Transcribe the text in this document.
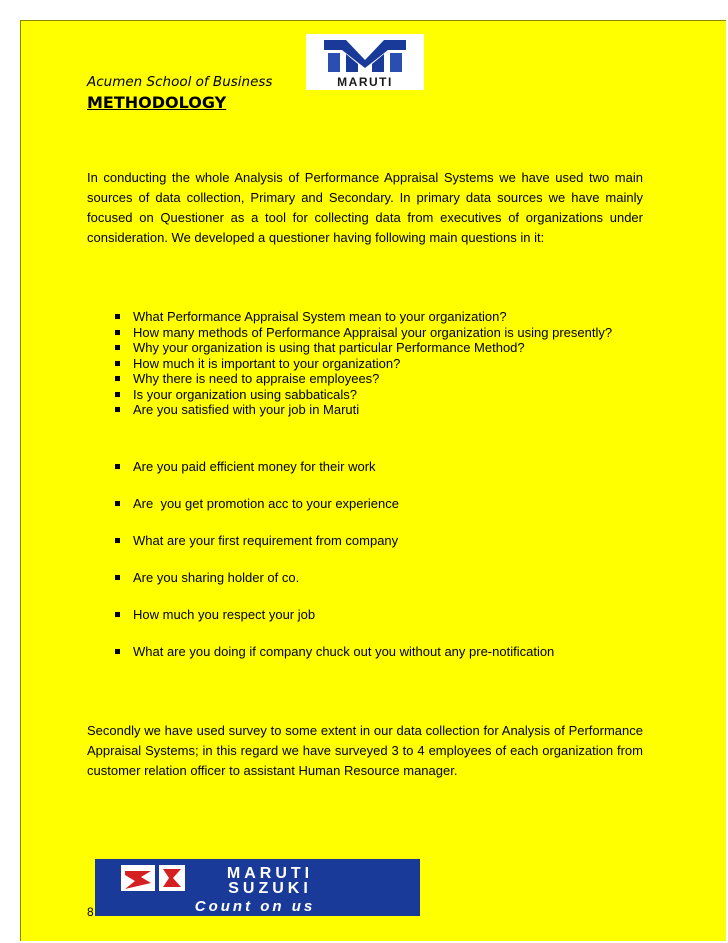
MARUTI
Acumen School of Business
METHODOLOGY

In conducting the whole Analysis of Performance Appraisal Systems we have used two main sources of data collection, Primary and Secondary. In primary data sources we have mainly focused on Questioner as a tool for collecting data from executives of organizations under consideration. We developed a questioner having following main questions in it:

What Performance Appraisal System mean to your organization?
How many methods of Performance Appraisal your organization is using presently?
Why your organization is using that particular Performance Method?
How much it is important to your organization?
Why there is need to appraise employees?
Is your organization using sabbaticals?
Are you satisfied with your job in Maruti
Are you paid efficient money for their work
Are  you get promotion acc to your experience
What are your first requirement from company
Are you sharing holder of co.
How much you respect your job
What are you doing if company chuck out you without any pre-notification

Secondly we have used survey to some extent in our data collection for Analysis of Performance Appraisal Systems; in this regard we have surveyed 3 to 4 employees of each organization from customer relation officer to assistant Human Resource manager.

MARUTI
SUZUKI
Count on us
8
